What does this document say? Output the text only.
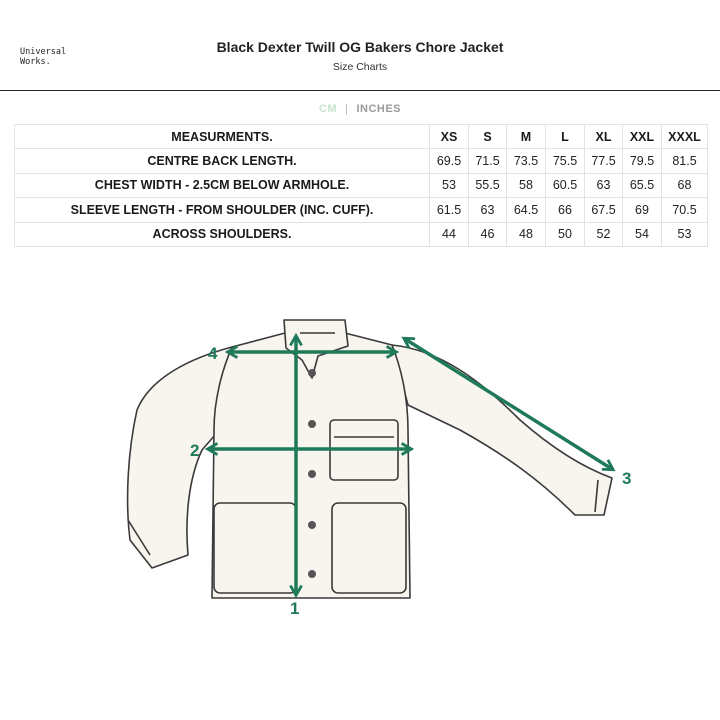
Universal
Works.
Black Dexter Twill OG Bakers Chore Jacket
Size Charts
CM | INCHES
MEASURMENTS.	XS	S	M	L	XL	XXL	XXXL
CENTRE BACK LENGTH.	69.5	71.5	73.5	75.5	77.5	79.5	81.5
CHEST WIDTH - 2.5CM BELOW ARMHOLE.	53	55.5	58	60.5	63	65.5	68
SLEEVE LENGTH - FROM SHOULDER (INC. CUFF).	61.5	63	64.5	66	67.5	69	70.5
ACROSS SHOULDERS.	44	46	48	50	52	54	53
1
2
3
4
